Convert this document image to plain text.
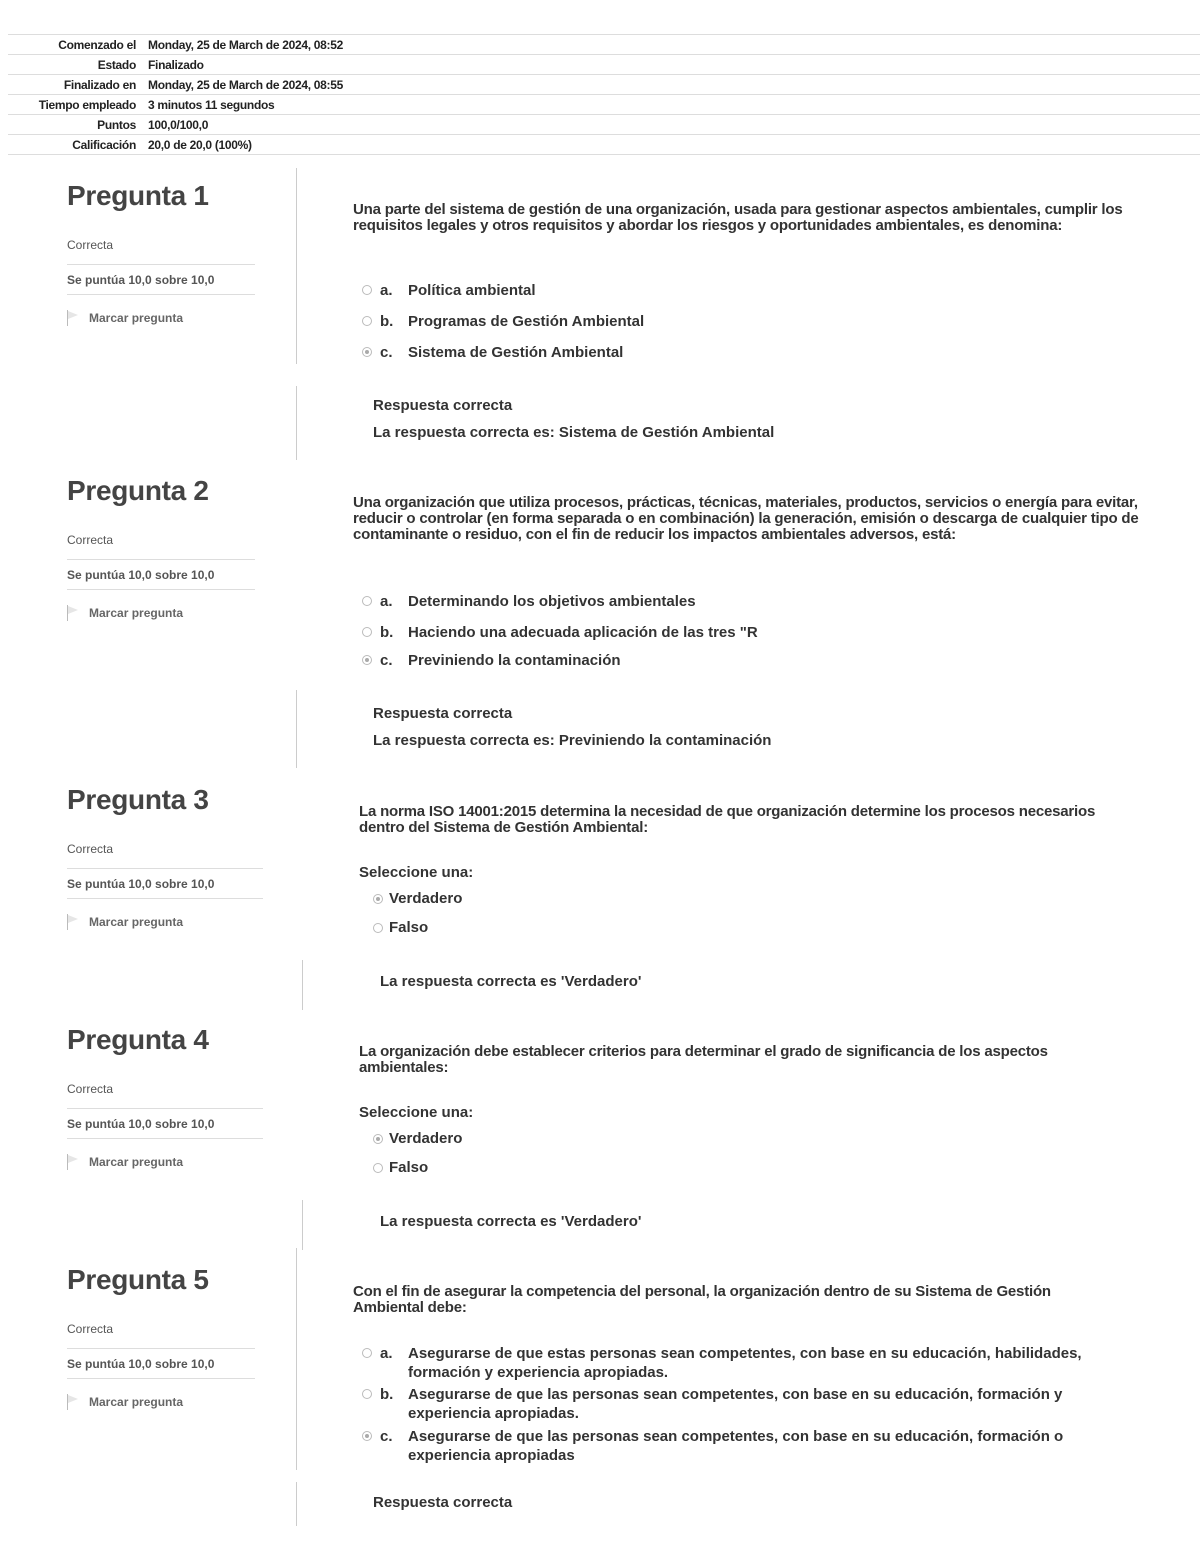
Comenzado el	Monday, 25 de March de 2024, 08:52
Estado	Finalizado
Finalizado en	Monday, 25 de March de 2024, 08:55
Tiempo empleado	3 minutos 11 segundos
Puntos	100,0/100,0
Calificación	20,0 de 20,0 (100%)
Pregunta 1
Correcta
Se puntúa 10,0 sobre 10,0
Marcar pregunta
Una parte del sistema de gestión de una organización, usada para gestionar aspectos ambientales, cumplir los requisitos legales y otros requisitos y abordar los riesgos y oportunidades ambientales, es denomina:
a.	Política ambiental
b. Programas de Gestión Ambiental
c.	Sistema de Gestión Ambiental
Respuesta correcta
La respuesta correcta es: Sistema de Gestión Ambiental
Pregunta 2
Correcta
Se puntúa 10,0 sobre 10,0
Marcar pregunta
Una organización que utiliza procesos, prácticas, técnicas, materiales, productos, servicios o energía para evitar, reducir o controlar (en forma separada o en combinación) la generación, emisión o descarga de cualquier tipo de contaminante o residuo, con el fin de reducir los impactos ambientales adversos, está:
a.	Determinando los objetivos ambientales
b. Haciendo una adecuada aplicación de las tres "R
c.	Previniendo la contaminación
Respuesta correcta
La respuesta correcta es: Previniendo la contaminación
Pregunta 3
Correcta
Se puntúa 10,0 sobre 10,0
Marcar pregunta
La norma ISO 14001:2015 determina la necesidad de que organización determine los procesos necesarios dentro del Sistema de Gestión Ambiental:
Seleccione una:
Verdadero
Falso
La respuesta correcta es 'Verdadero'
Pregunta 4
Correcta
Se puntúa 10,0 sobre 10,0
Marcar pregunta
La organización debe establecer criterios para determinar el grado de significancia de los aspectos ambientales:
Seleccione una:
Verdadero
Falso
La respuesta correcta es 'Verdadero'
Pregunta 5
Correcta
Se puntúa 10,0 sobre 10,0
Marcar pregunta
Con el fin de asegurar la competencia del personal, la organización dentro de su Sistema de Gestión Ambiental debe:
a.	Asegurarse de que estas personas sean competentes, con base en su educación, habilidades, formación y experiencia apropiadas.
b. Asegurarse de que las personas sean competentes, con base en su educación, formación y experiencia apropiadas.
c.	Asegurarse de que las personas sean competentes, con base en su educación, formación o experiencia apropiadas
Respuesta correcta
